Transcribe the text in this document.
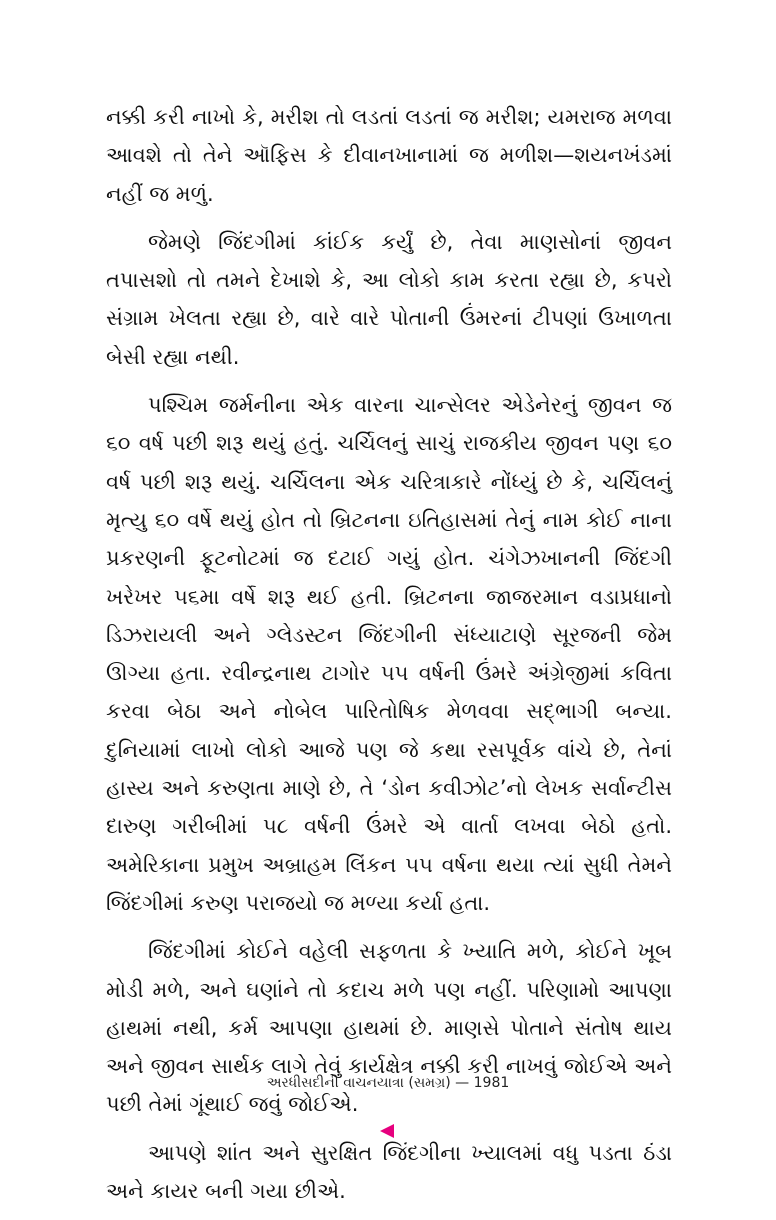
નક્કી કરી નાખો કે, મરીશ તો લડતાં લડતાં જ મરીશ; યમરાજ મળવા આવશે તો તેને ઑફિસ કે દીવાનખાનામાં જ મળીશ—શયનખંડમાં નહીં જ મળું.

જેમણે જિંદગીમાં કાંઈક કર્યું છે, તેવા માણસોનાં જીવન તપાસશો તો તમને દેખાશે કે, આ લોકો કામ કરતા રહ્યા છે, કપરો સંગ્રામ ખેલતા રહ્યા છે, વારે વારે પોતાની ઉંમરનાં ટીપણાં ઉખાળતા બેસી રહ્યા નથી.

પશ્ચિમ જર્મનીના એક વારના ચાન્સેલર એડેનેરનું જીવન જ ૬૦ વર્ષ પછી શરૂ થયું હતું. ચર્ચિલનું સાચું રાજકીય જીવન પણ ૬૦ વર્ષ પછી શરૂ થયું. ચર્ચિલના એક ચરિત્રાકારે નોંધ્યું છે કે, ચર્ચિલનું મૃત્યુ ૬૦ વર્ષે થયું હોત તો બ્રિટનના ઇતિહાસમાં તેનું નામ કોઈ નાના પ્રકરણની ફૂટનોટમાં જ દટાઈ ગયું હોત. ચંગેઝખાનની જિંદગી ખરેખર ૫૬મા વર્ષે શરૂ થઈ હતી. બ્રિટનના જાજરમાન વડાપ્રધાનો ડિઝરાયલી અને ગ્લેડસ્ટન જિંદગીની સંધ્યાટાણે સૂરજની જેમ ઊગ્યા હતા. રવીન્દ્રનાથ ટાગોર ૫૫ વર્ષની ઉંમરે અંગ્રેજીમાં કવિતા કરવા બેઠા અને નોબેલ પારિતોષિક મેળવવા સદ્ભાગી બન્યા. દુનિયામાં લાખો લોકો આજે પણ જે કથા રસપૂર્વક વાંચે છે, તેનાં હાસ્ય અને કરુણતા માણે છે, તે ‘ડોન કવીઝોટ’નો લેખક સર્વાન્ટીસ દારુણ ગરીબીમાં ૫૮ વર્ષની ઉંમરે એ વાર્તા લખવા બેઠો હતો. અમેરિકાના પ્રમુખ અબ્રાહમ લિંકન ૫૫ વર્ષના થયા ત્યાં સુધી તેમને જિંદગીમાં કરુણ પરાજયો જ મળ્યા કર્યા હતા.

જિંદગીમાં કોઈને વહેલી સફળતા કે ખ્યાતિ મળે, કોઈને ખૂબ મોડી મળે, અને ઘણાંને તો કદાચ મળે પણ નહીં. પરિણામો આપણા હાથમાં નથી, કર્મ આપણા હાથમાં છે. માણસે પોતાને સંતોષ થાય અને જીવન સાર્થક લાગે તેવું કાર્યક્ષેત્ર નક્કી કરી નાખવું જોઈએ અને પછી તેમાં ગૂંથાઈ જવું જોઈએ.

આપણે શાંત અને સુરક્ષિત જિંદગીના ખ્યાલમાં વધુ પડતા ઠંડા અને કાયર બની ગયા છીએ.

અરધીસદીની વાચનયાત્રા (સમગ્ર) — 1981
